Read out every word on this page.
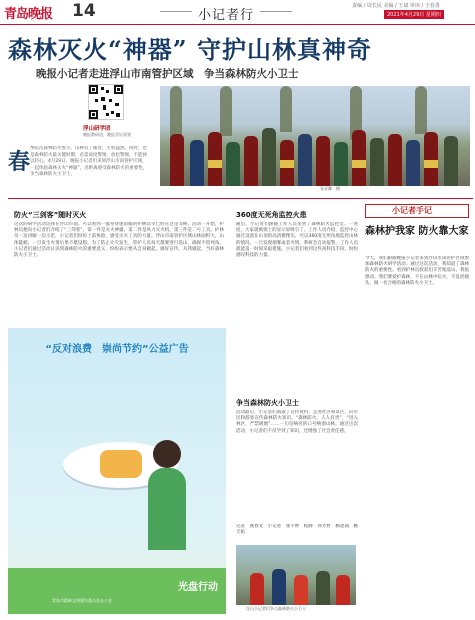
青岛晚报 14	小记者行
责编 / 周长民 美编 / 王斌 审读 / 王春善
2021年4月29日 星期四
森林灭火“神器” 守护山林真神奇
晚报小记者走进浮山市南管护区域　争当森林防火小卫士
浮山研学团
晚报教研团，晚报美好面貌
张亚卿　摄
春
季防范森林防火警示，山林有了暖意，生机盎然。同时，也是森林防火最关键时期，必需高度警惕，放松警惕，不能掉以轻心。4月29日，晚报小记者们来到浮山市南管护区域，一起体验森林灭火“神器”，近距离感受森林防火的重要性，争当森林防火小卫士。
防火“三剑客”随时灭火
这次的研学活动选择在浮山市南。可以看到一群身穿迷彩服的护林员早已经在这里等候。活动一开始，护林员便向小记者们介绍了“三剑客”。第一件是灭火神器，第二件是风力灭火机，第三件是二号工具。护林员一边讲解一边示范，小记者们纷纷上前体验，感受灭火工具的力量。浮山市南管护区域山林面积大，山体陡峭，一旦发生火情后果不堪设想。为了防止火灾发生，管护人员每天都要进行巡山，确保不留死角。小记者们通过活动认识到森林防火的重要意义，纷纷表示要从自身做起，做好宣传，从我做起，当好森林防火小卫士。
360度无死角监控火患
随后，小记者们跟随工作人员来到了森林防火监控室。一进屋，大家就被墙上的显示屏吸引了。工作人员介绍，监控中心通过设置在山顶的高清摄像头，可以360度无死角地监控山林的情况。一旦发现烟雾或者火情，系统会自动报警，工作人员就能第一时间采取措施。小记者们看到这些高科技手段，纷纷感叹科技的力量。
争当森林防火小卫士
活动最后，小记者们领取了宣传资料，走进社区和景区，向市民和游客宣传森林防火知识。“森林防火，人人有责”，“进入林区，严禁吸烟”……一句句响亮的口号响彻山林。通过这次活动，小记者们不仅学到了知识，还增强了社会责任感。
记者　燕春文　小记者　张宇婷　程静　孙芳哲　杨思润　姚天佑
“反对浪费　崇尚节约”公益广告
光盘行动
青岛市精神文明建设委员会办公室
浮山小记者们争当森林防火小卫士
小记者手记
森林护我家 防火靠大家
今天，我们跟随晚报小记者来到浮山市南管护区域参加森林防火研学活动。通过这次活动，我知道了森林防火的重要性。看到护林员叔叔们辛苦地巡山，我很感动。我们要爱护森林，不在山林中玩火，不乱扔烟头，做一名合格的森林防火小卫士。
